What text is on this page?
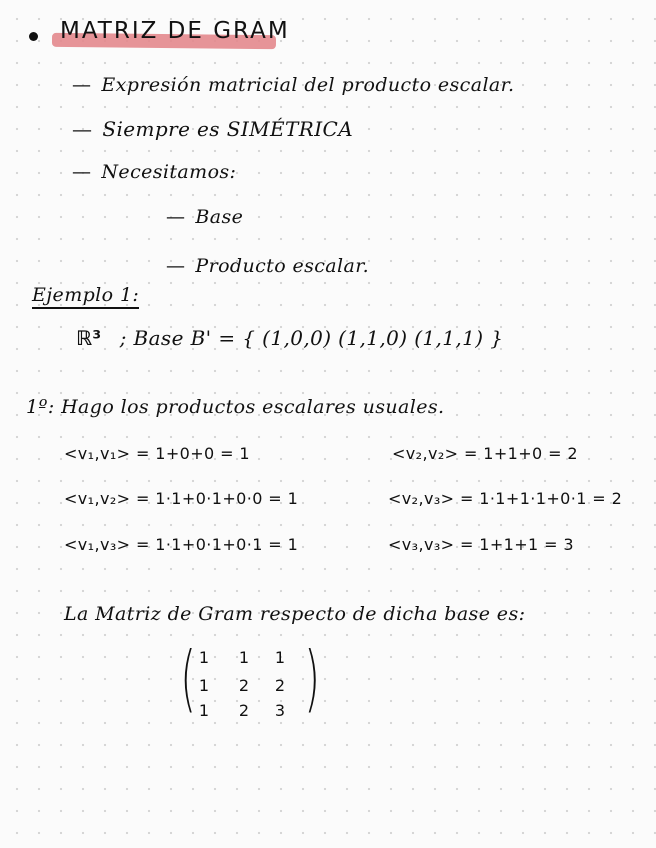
MATRIZ DE GRAM
— Expresión matricial del producto escalar.
— Siempre es SIMÉTRICA
— Necesitamos:
— Base
— Producto escalar.
Ejemplo 1:
ℝ³ ; Base B' = { (1,0,0) (1,1,0) (1,1,1) }
1º: Hago los productos escalares usuales.
<v₁,v₁> = 1+0+0 = 1	<v₂,v₂> = 1+1+0 = 2
<v₁,v₂> = 1·1+0·1+0·0 = 1	<v₂,v₃> = 1·1+1·1+0·1 = 2
<v₁,v₃> = 1·1+0·1+0·1 = 1	<v₃,v₃> = 1+1+1 = 3
La Matriz de Gram respecto de dicha base es:
( )
1	1	1
1	2	2
1	2	3
